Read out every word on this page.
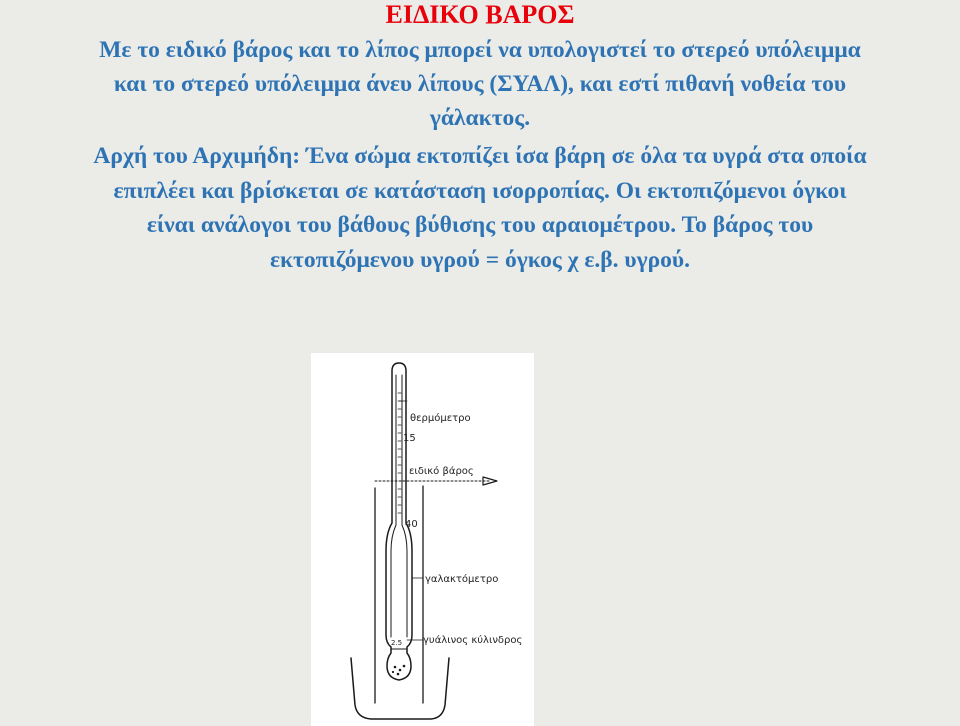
ΕΙΔΙΚΟ ΒΑΡΟΣ

Με το ειδικό βάρος και το λίπος μπορεί να υπολογιστεί το στερεό υπόλειμμα
και το στερεό υπόλειμμα άνευ λίπους (ΣΥΑΛ), και εστί πιθανή νοθεία του
γάλακτος.

Αρχή του Αρχιμήδη: Ένα σώμα εκτοπίζει ίσα βάρη σε όλα τα υγρά στα οποία
επιπλέει και βρίσκεται σε κατάσταση ισορροπίας. Οι εκτοπιζόμενοι όγκοι
είναι ανάλογοι του βάθους βύθισης του αραιομέτρου. Το βάρος του
εκτοπιζόμενου υγρού = όγκος χ ε.β. υγρού.

θερμόμετρο
15
ειδικό βάρος
40
γαλακτόμετρο
2.5 γυάλινος κύλινδρος
